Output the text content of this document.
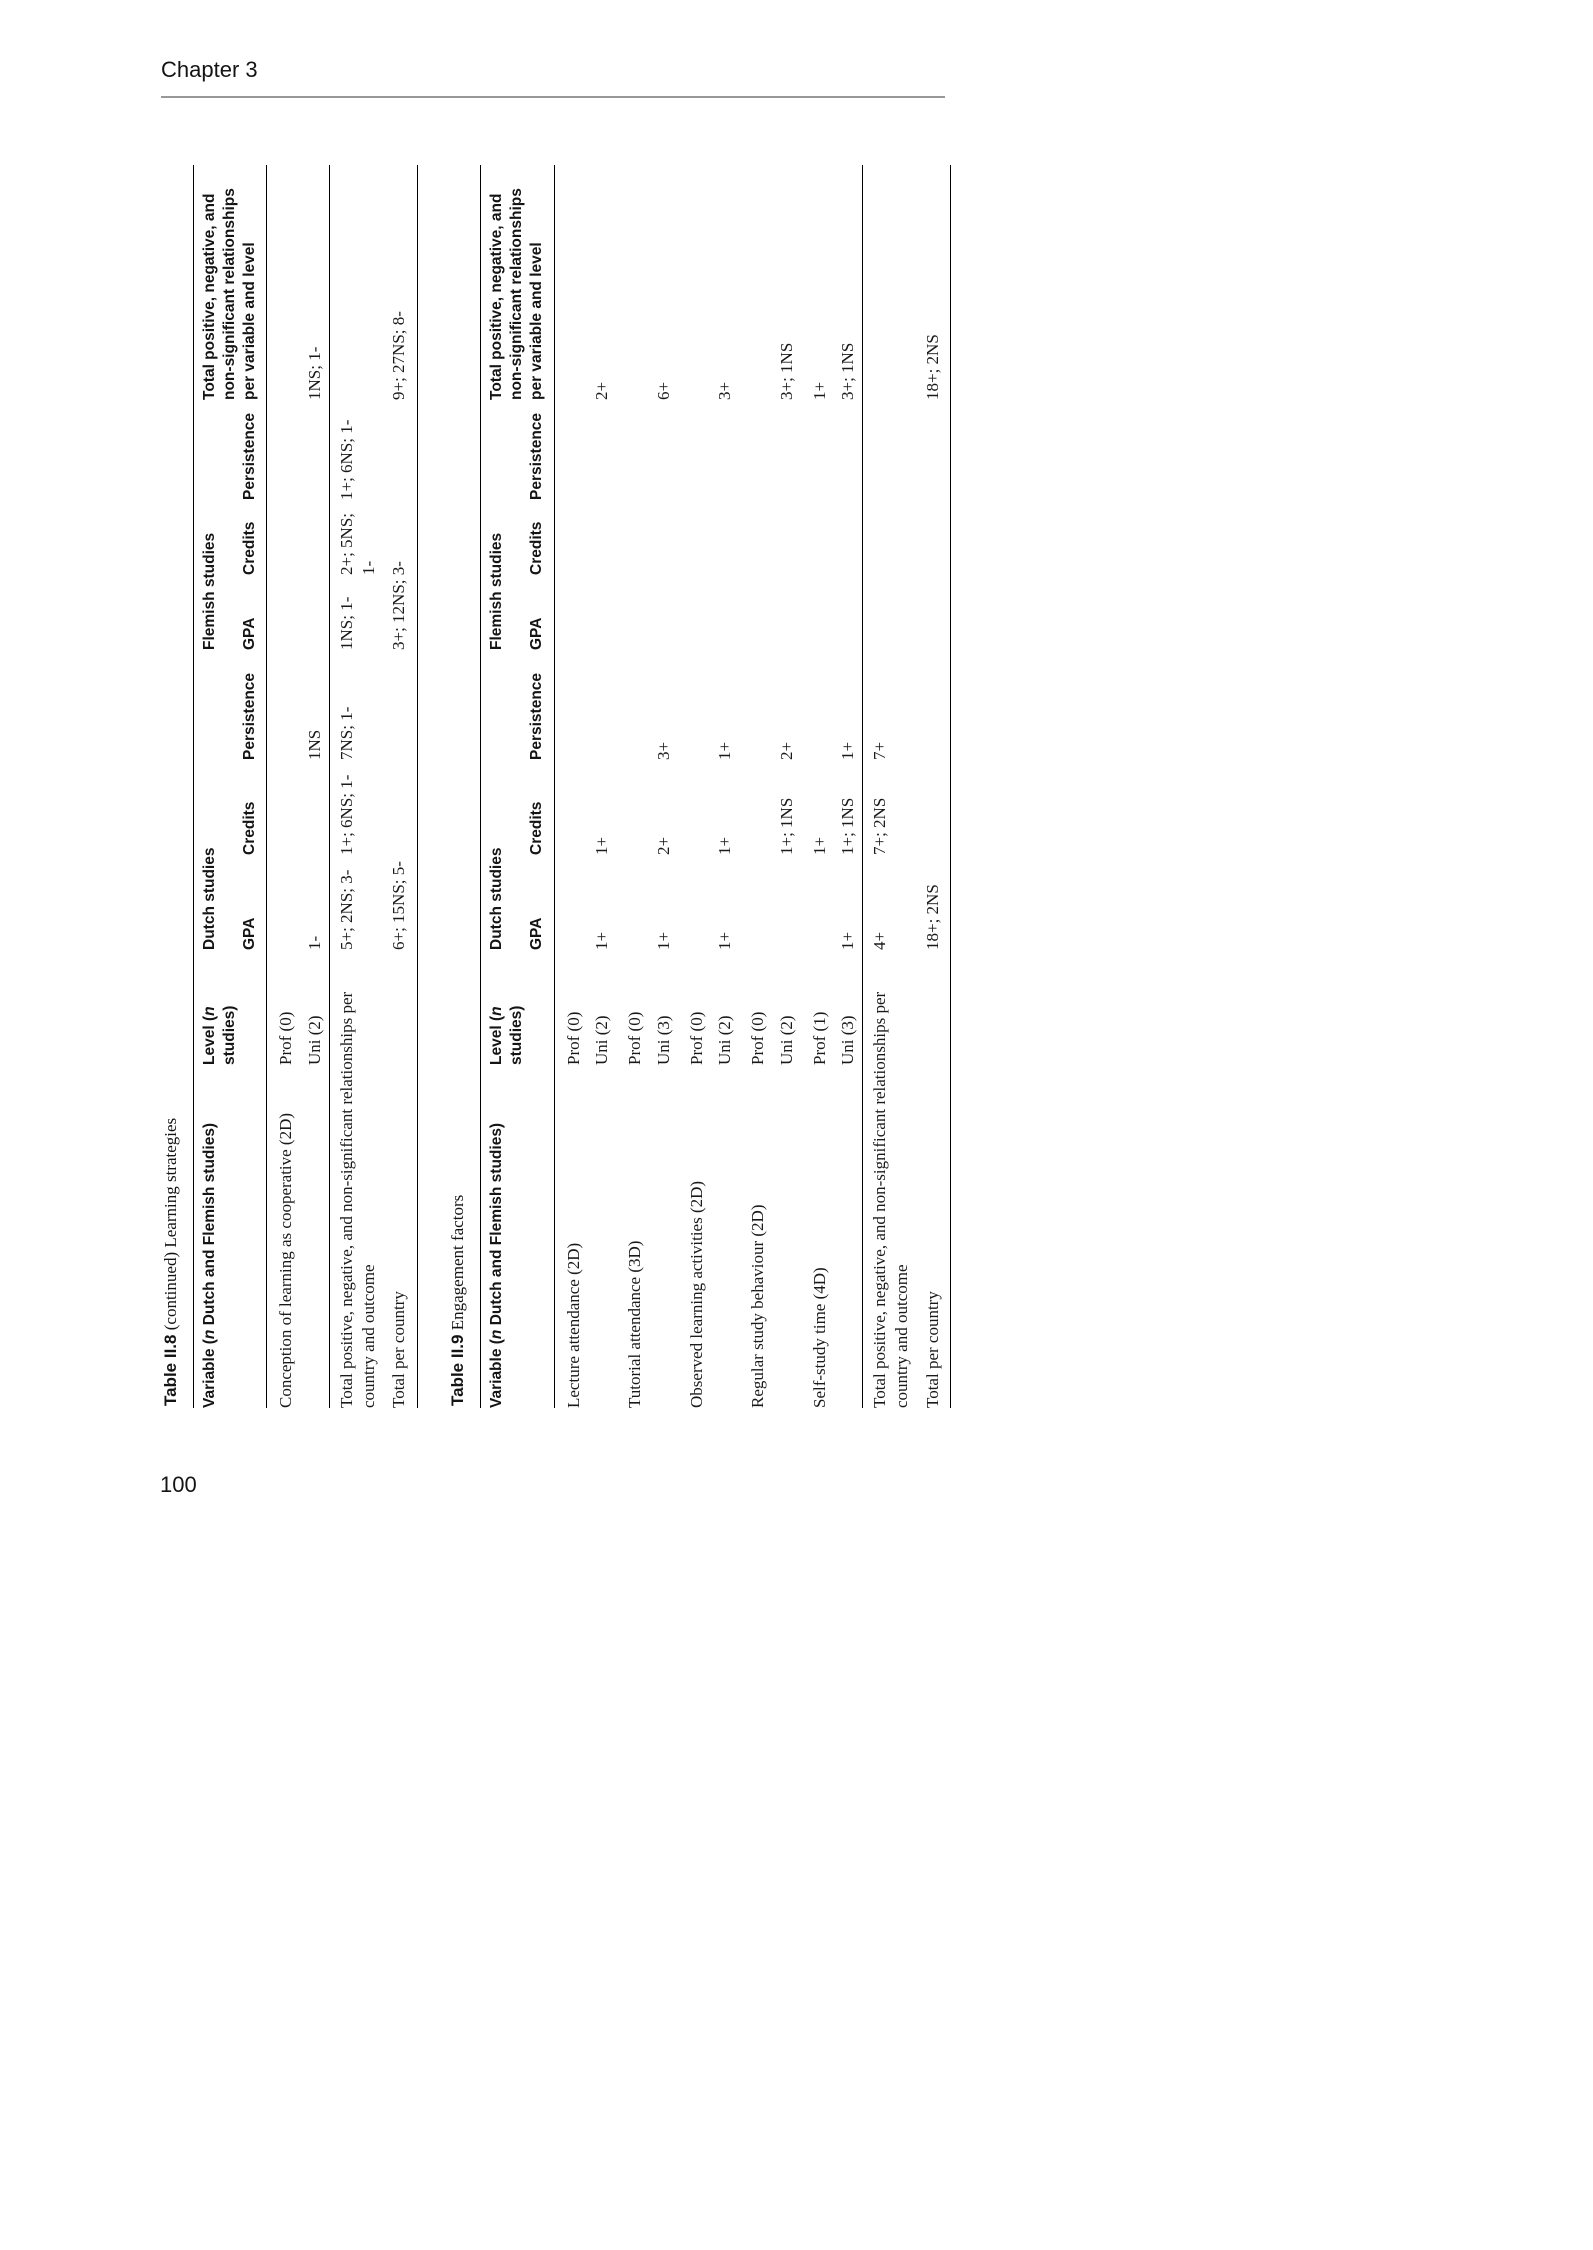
Chapter 3
100
Table II.8 (continued) Learning strategies
Variable (n Dutch and Flemish studies)	Level (n studies)	Dutch studies			Flemish studies			Total positive, negative, and non-significant relationships per variable and level
		GPA	Credits	Persistence	GPA	Credits	Persistence	
Conception of learning as cooperative (2D)	Prof (0)							
	Uni (2)	1-		1NS				1NS; 1-
Total positive, negative, and non-significant relationships per country and outcome		5+; 2NS; 3-	1+; 6NS; 1-	7NS; 1-	1NS; 1-	2+; 5NS; 1-	1+; 6NS; 1-	
Total per country		6+; 15NS; 5-			3+; 12NS; 3-			9+; 27NS; 8-
Table II.9 Engagement factors
Variable (n Dutch and Flemish studies)	Level (n studies)	Dutch studies			Flemish studies			Total positive, negative, and non-significant relationships per variable and level
		GPA	Credits	Persistence	GPA	Credits	Persistence	
Lecture attendance (2D)	Prof (0)							
	Uni (2)	1+	1+					2+
Tutorial attendance (3D)	Prof (0)							
	Uni (3)	1+	2+	3+				6+
Observed learning activities (2D)	Prof (0)							
	Uni (2)	1+	1+	1+				3+
Regular study behaviour (2D)	Prof (0)							
	Uni (2)		1+; 1NS	2+				3+; 1NS
Self-study time (4D)	Prof (1)		1+					1+
	Uni (3)	1+	1+; 1NS	1+				3+; 1NS
Total positive, negative, and non-significant relationships per country and outcome		4+	7+; 2NS	7+				
Total per country		18+; 2NS						18+; 2NS
